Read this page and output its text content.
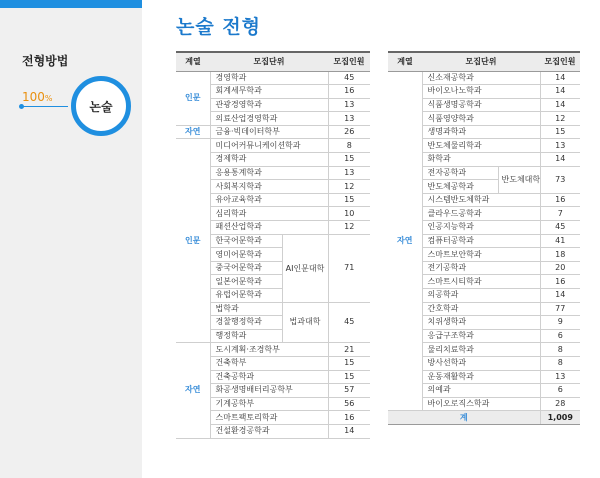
전형방법
100%
논술
논술 전형
계열	모집단위		모집인원
인문	경영학과		45
	회계세무학과		16
	관광경영학과		13
	의료산업경영학과		13
자연	금융·빅데이터학부		26
인문	미디어커뮤니케이션학과		8
	경제학과		15
	응용통계학과		13
	사회복지학과		12
	유아교육학과		15
	심리학과		10
	패션산업학과		12
	한국어문학과	AI인문대학	71
	영미어문학과		
	중국어문학과		
	일본어문학과		
	유럽어문학과		
	법학과	법과대학	45
	경찰행정학과		
	행정학과		
자연	도시계획·조경학부		21
	건축학부		15
	건축공학과		15
	화공생명배터리공학부		57
	기계공학부		56
	스마트팩토리학과		16
	건설환경공학과		14
계열	모집단위		모집인원
자연	신소재공학과		14
	바이오나노학과		14
	식품생명공학과		14
	식품영양학과		12
	생명과학과		15
	반도체물리학과		13
	화학과		14
	전자공학과	반도체대학	73
	반도체공학과		
	시스템반도체학과		16
	클라우드공학과		7
	인공지능학과		45
	컴퓨터공학과		41
	스마트보안학과		18
	전기공학과		20
	스마트시티학과		16
	의공학과		14
	간호학과		77
	치위생학과		9
	응급구조학과		6
	물리치료학과		8
	방사선학과		8
	운동재활학과		13
	의예과		6
	바이오로직스학과		28
계			1,009
